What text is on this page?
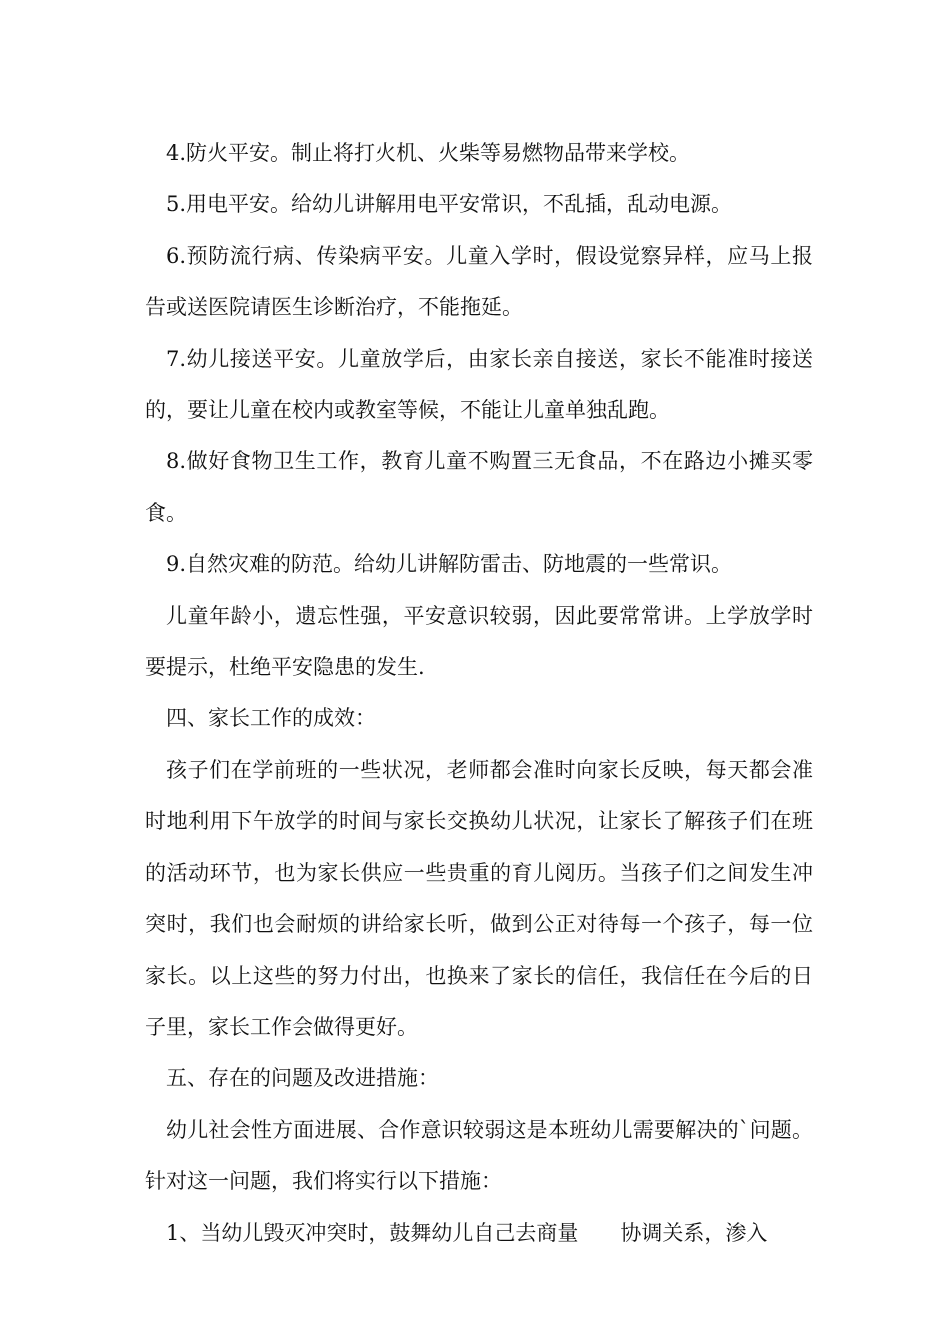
4.防火平安。制止将打火机、火柴等易燃物品带来学校。

5.用电平安。给幼儿讲解用电平安常识，不乱插，乱动电源。

6.预防流行病、传染病平安。儿童入学时，假设觉察异样，应马上报告或送医院请医生诊断治疗，不能拖延。

7.幼儿接送平安。儿童放学后，由家长亲自接送，家长不能准时接送的，要让儿童在校内或教室等候，不能让儿童单独乱跑。

8.做好食物卫生工作，教育儿童不购置三无食品，不在路边小摊买零食。

9.自然灾难的防范。给幼儿讲解防雷击、防地震的一些常识。

儿童年龄小，遗忘性强，平安意识较弱，因此要常常讲。上学放学时要提示，杜绝平安隐患的发生.

四、家长工作的成效：

孩子们在学前班的一些状况，老师都会准时向家长反映，每天都会准时地利用下午放学的时间与家长交换幼儿状况，让家长了解孩子们在班的活动环节，也为家长供应一些贵重的育儿阅历。当孩子们之间发生冲突时，我们也会耐烦的讲给家长听，做到公正对待每一个孩子，每一位家长。以上这些的努力付出，也换来了家长的信任，我信任在今后的日子里，家长工作会做得更好。

五、存在的问题及改进措施：

幼儿社会性方面进展、合作意识较弱这是本班幼儿需要解决的`问题。针对这一问题，我们将实行以下措施：

1、当幼儿毁灭冲突时，鼓舞幼儿自己去商量　　协调关系，渗入
